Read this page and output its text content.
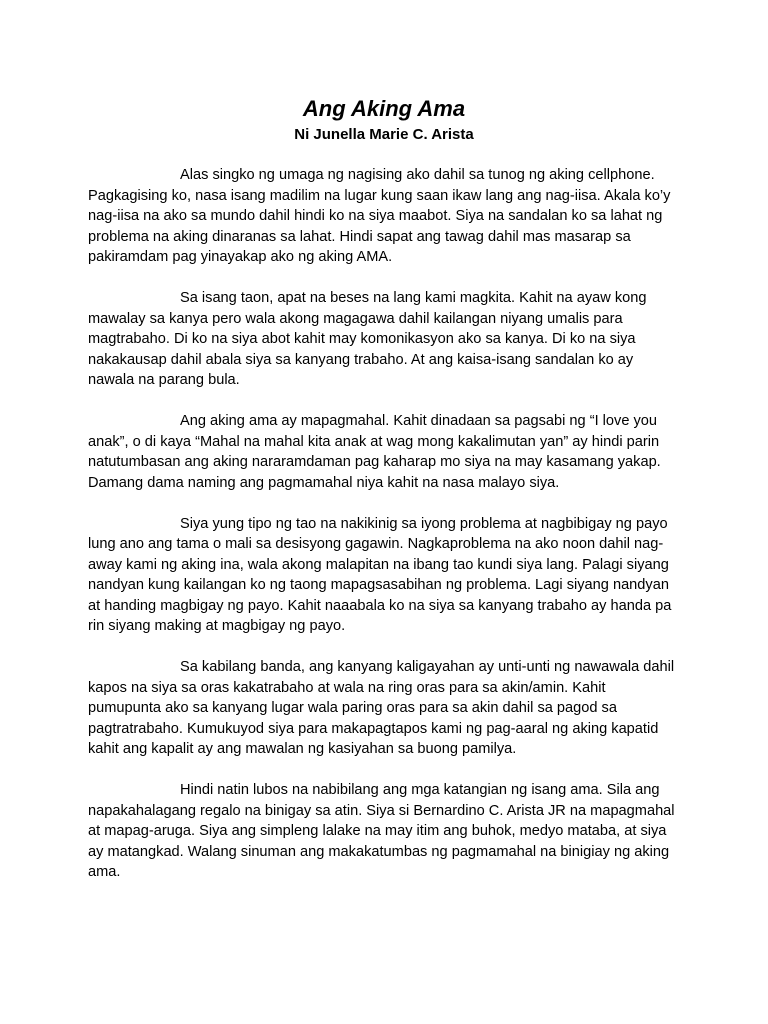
Ang Aking Ama
Ni Junella Marie C. Arista

Alas singko ng umaga ng nagising ako dahil sa tunog ng aking cellphone. Pagkagising ko, nasa isang madilim na lugar kung saan ikaw lang ang nag-iisa. Akala ko’y nag-iisa na ako sa mundo dahil hindi ko na siya maabot. Siya na sandalan ko sa lahat ng problema na aking dinaranas sa lahat. Hindi sapat ang tawag dahil mas masarap sa pakiramdam pag yinayakap ako ng aking AMA.

Sa isang taon, apat na beses na lang kami magkita. Kahit na ayaw kong mawalay sa kanya pero wala akong magagawa dahil kailangan niyang umalis para magtrabaho. Di ko na siya abot kahit may komonikasyon ako sa kanya. Di ko na siya nakakausap dahil abala siya sa kanyang trabaho. At ang kaisa-isang sandalan ko ay nawala na parang bula.

Ang aking ama ay mapagmahal. Kahit dinadaan sa pagsabi ng “I love you anak”, o di kaya “Mahal na mahal kita anak at wag mong kakalimutan yan” ay hindi parin natutumbasan ang aking nararamdaman pag kaharap mo siya na may kasamang yakap. Damang dama naming ang pagmamahal niya kahit na nasa malayo siya.

Siya yung tipo ng tao na nakikinig sa iyong problema at nagbibigay ng payo lung ano ang tama o mali sa desisyong gagawin. Nagkaproblema na ako noon dahil nag-away kami ng aking ina, wala akong malapitan na ibang tao kundi siya lang. Palagi siyang nandyan kung kailangan ko ng taong mapagsasabihan ng problema. Lagi siyang nandyan at handing magbigay ng payo. Kahit naaabala ko na siya sa kanyang trabaho ay handa pa rin siyang making at magbigay ng payo.

Sa kabilang banda, ang kanyang kaligayahan ay unti-unti ng nawawala dahil kapos na siya sa oras kakatrabaho at wala na ring oras para sa akin/amin. Kahit pumupunta ako sa kanyang lugar wala paring oras para sa akin dahil sa pagod sa pagtratrabaho. Kumukuyod siya para makapagtapos kami ng pag-aaral ng aking kapatid kahit ang kapalit ay ang mawalan ng kasiyahan sa buong pamilya.

Hindi natin lubos na nabibilang ang mga katangian ng isang ama. Sila ang napakahalagang regalo na binigay sa atin. Siya si Bernardino C. Arista JR na mapagmahal at mapag-aruga. Siya ang simpleng lalake na may itim ang buhok, medyo mataba, at siya ay matangkad. Walang sinuman ang makakatumbas ng pagmamahal na binigiay ng aking ama.
